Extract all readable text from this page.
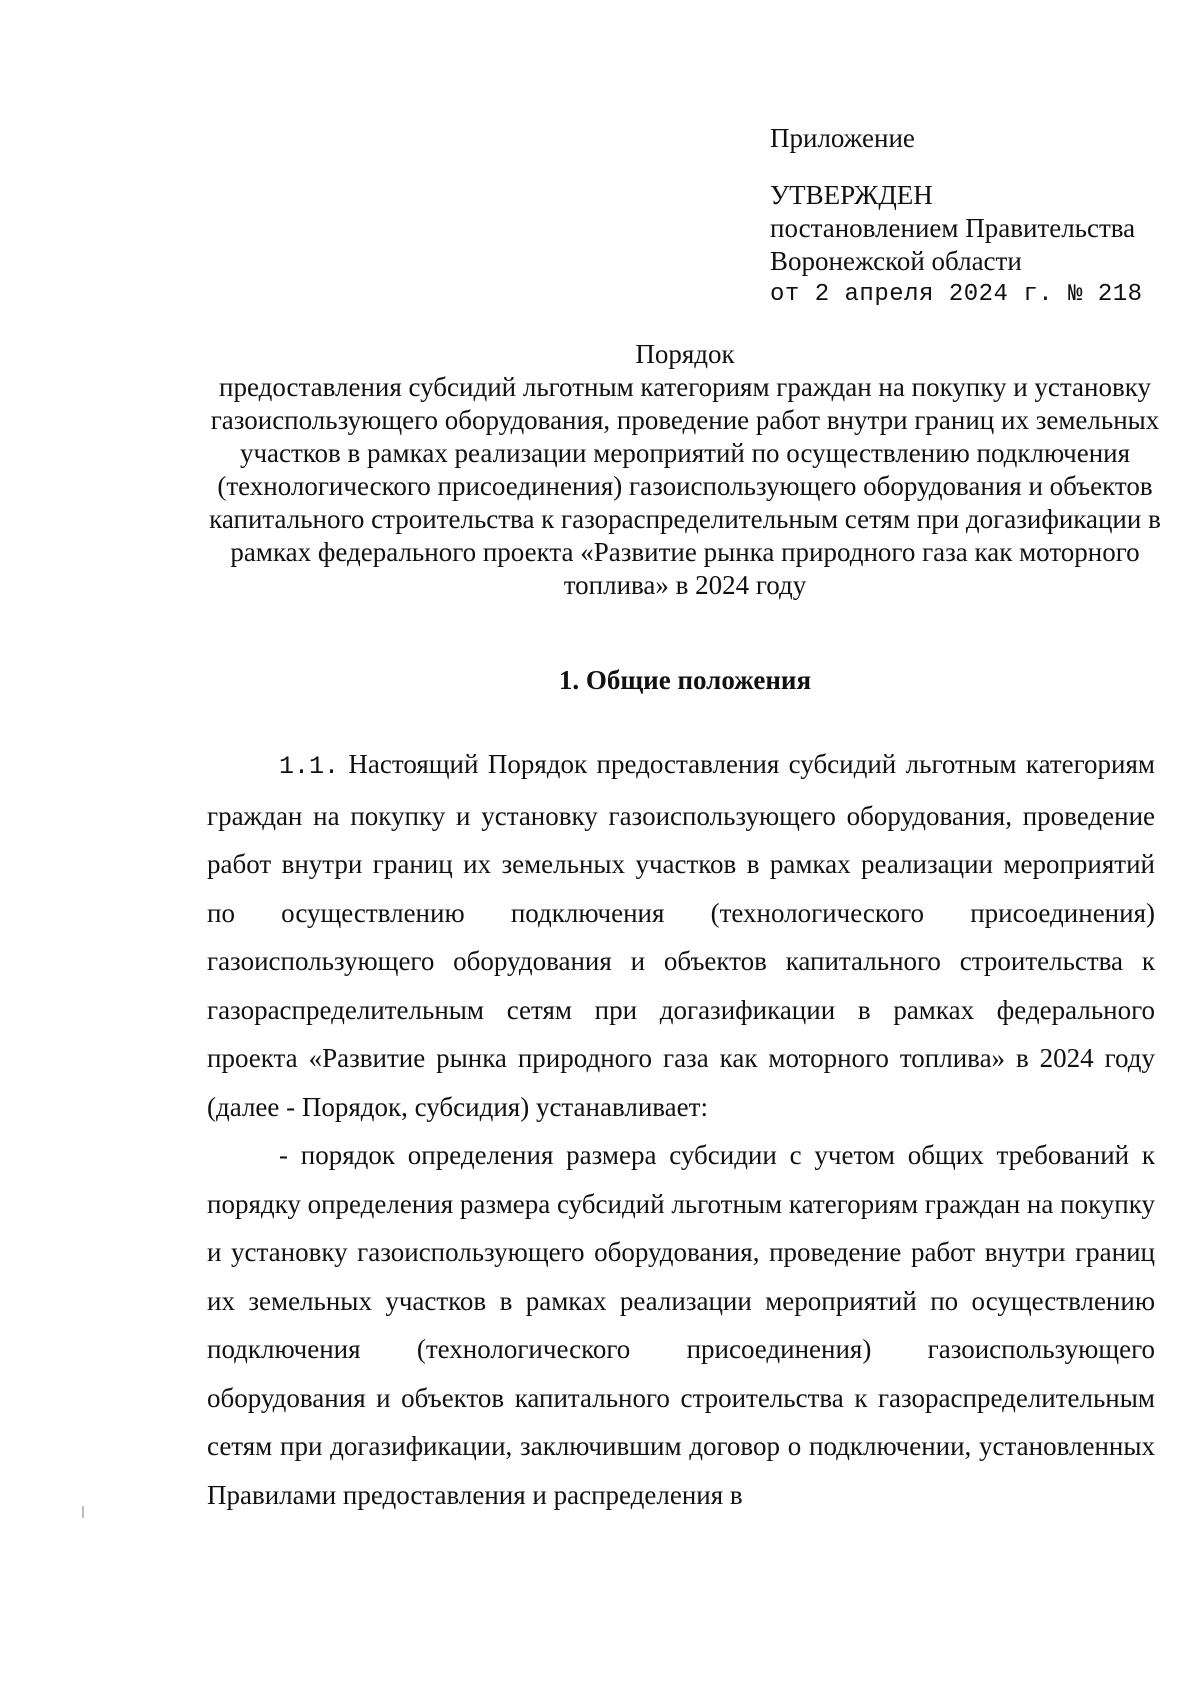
Приложение

УТВЕРЖДЕН
постановлением Правительства
Воронежской области
от 2 апреля 2024 г. № 218
Порядок

предоставления субсидий льготным категориям граждан на покупку и установку газоиспользующего оборудования, проведение работ внутри границ их земельных участков в рамках реализации мероприятий по осуществлению подключения (технологического присоединения) газоиспользующего оборудования и объектов капитального строительства к газораспределительным сетям при догазификации в рамках федерального проекта «Развитие рынка природного газа как моторного топлива» в 2024 году

1. Общие положения

1.1. Настоящий Порядок предоставления субсидий льготным категориям граждан на покупку и установку газоиспользующего оборудования, проведение работ внутри границ их земельных участков в рамках реализации мероприятий по осуществлению подключения (технологического присоединения) газоиспользующего оборудования и объектов капитального строительства к газораспределительным сетям при догазификации в рамках федерального проекта «Развитие рынка природного газа как моторного топлива» в 2024 году (далее - Порядок, субсидия) устанавливает:

- порядок определения размера субсидии с учетом общих требований к порядку определения размера субсидий льготным категориям граждан на покупку и установку газоиспользующего оборудования, проведение работ внутри границ их земельных участков в рамках реализации мероприятий по осуществлению подключения (технологического присоединения) газоиспользующего оборудования и объектов капитального строительства к газораспределительным сетям при догазификации, заключившим договор о подключении, установленных Правилами предоставления и распределения в
